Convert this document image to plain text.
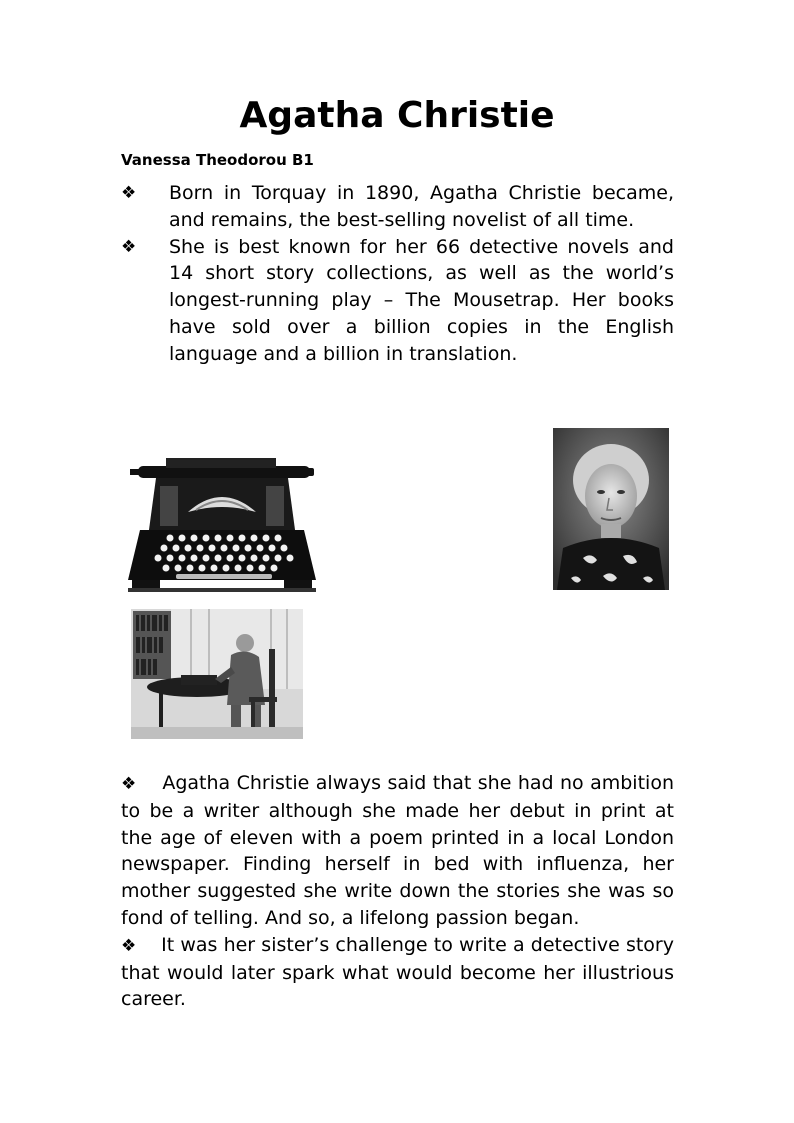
Agatha Christie
Vanessa Theodorou B1
❖	Born in Torquay in 1890, Agatha Christie became, and remains, the best-selling novelist of all time.
❖	She is best known for her 66 detective novels and 14 short story collections, as well as the world’s longest-running play – The Mousetrap. Her books have sold over a billion copies in the English language and a billion in translation.

❖ Agatha Christie always said that she had no ambition to be a writer although she made her debut in print at the age of eleven with a poem printed in a local London newspaper. Finding herself in bed with influenza, her mother suggested she write down the stories she was so fond of telling. And so, a lifelong passion began.

❖ It was her sister’s challenge to write a detective story that would later spark what would become her illustrious career.
